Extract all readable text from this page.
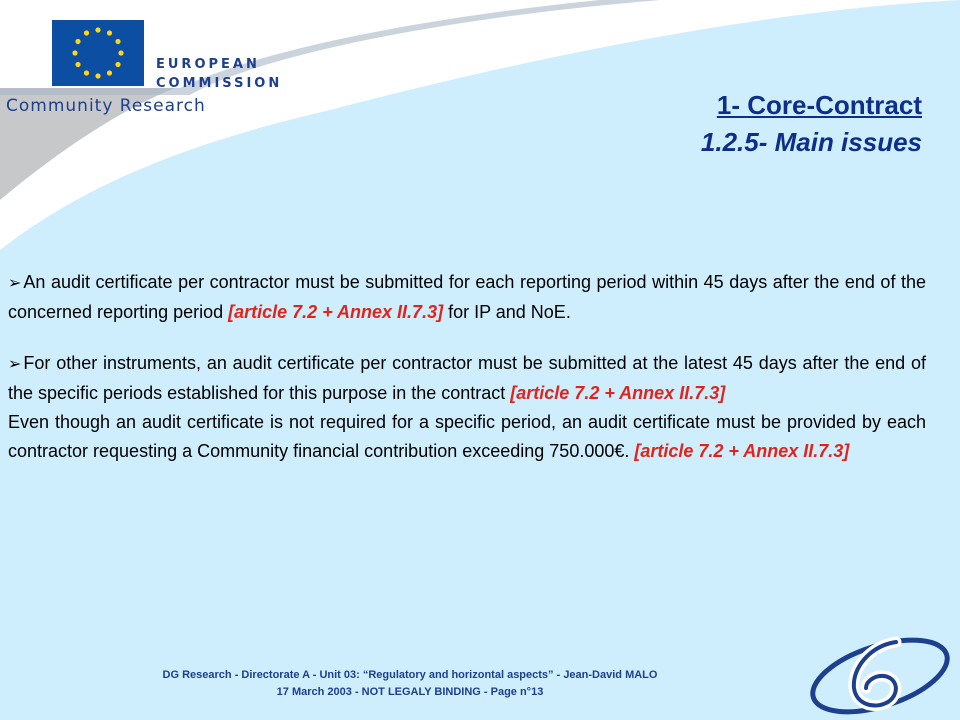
EUROPEAN
COMMISSION
Community Research	1- Core-Contract
1.2.5- Main issues

➢ An audit certificate per contractor must be submitted for each reporting period within 45 days after the end of the concerned reporting period [article 7.2 + Annex II.7.3] for IP and NoE.

➢ For other instruments, an audit certificate per contractor must be submitted at the latest 45 days after the end of the specific periods established for this purpose in the contract [article 7.2 + Annex II.7.3]

Even though an audit certificate is not required for a specific period, an audit certificate must be provided by each contractor requesting a Community financial contribution exceeding 750.000€. [article 7.2 + Annex II.7.3]

DG Research - Directorate A - Unit 03: “Regulatory and horizontal aspects” - Jean-David MALO
17 March 2003 - NOT LEGALY BINDING - Page n°13
